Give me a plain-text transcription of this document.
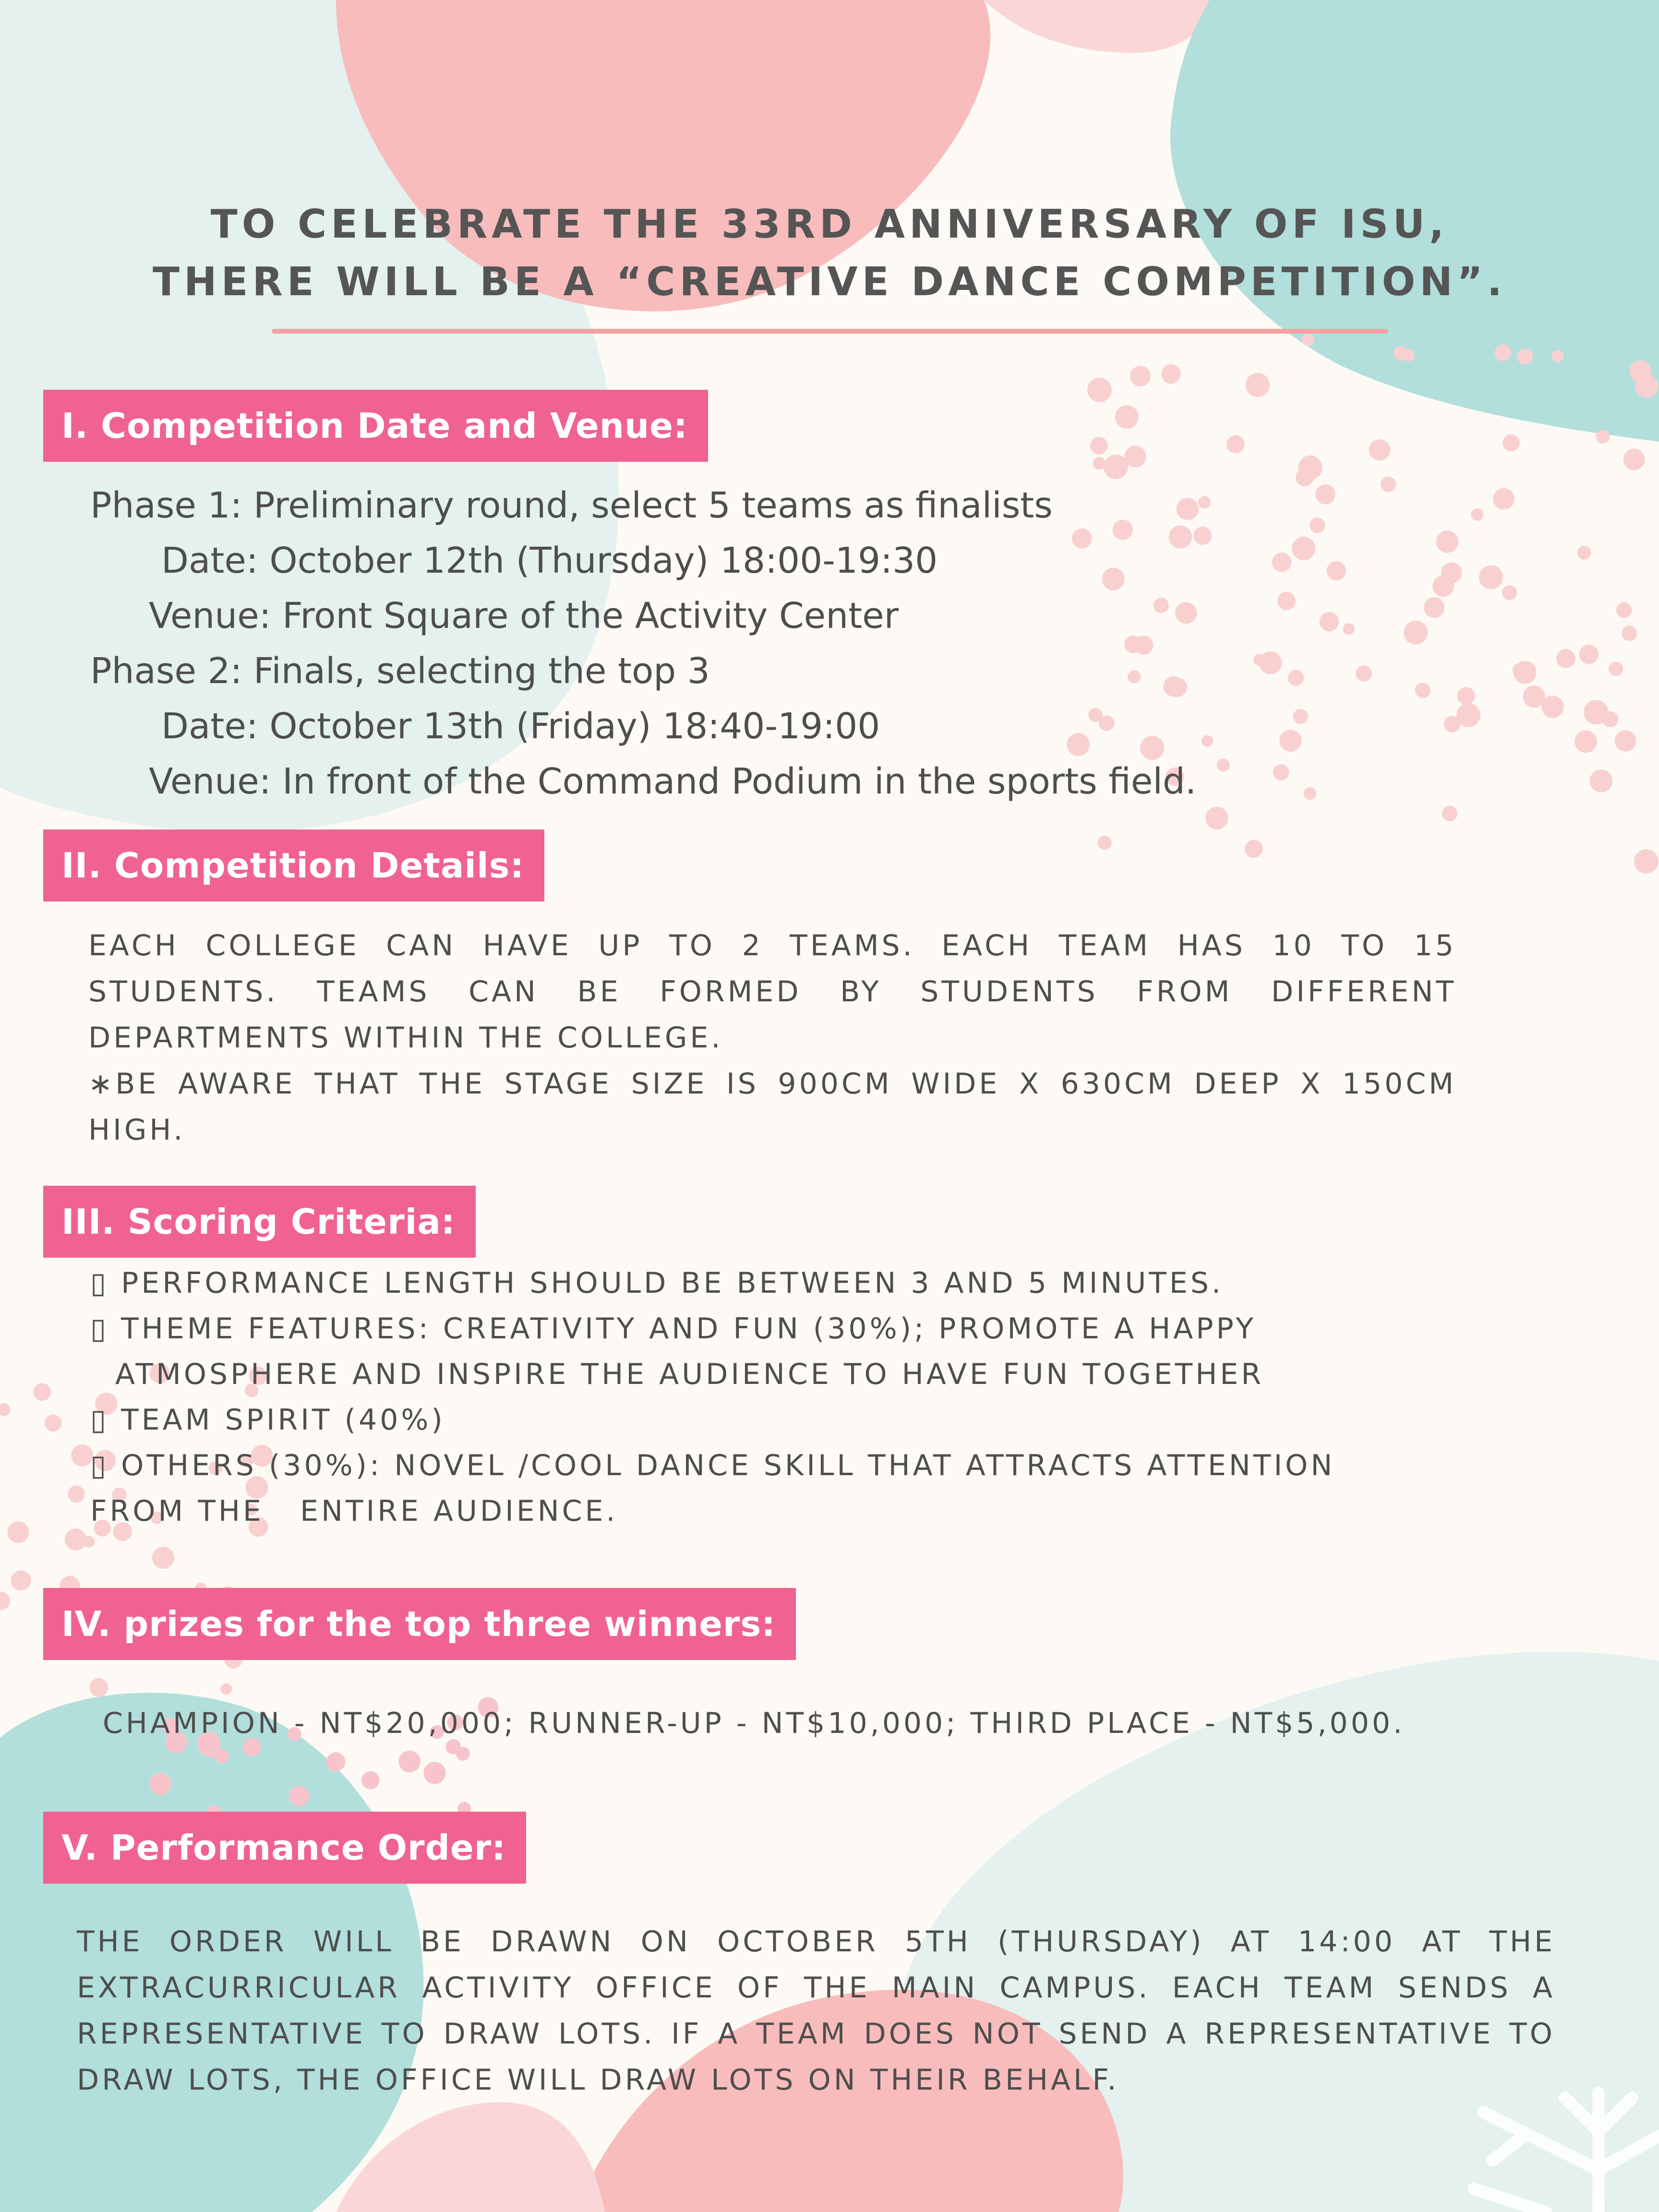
TO CELEBRATE THE 33RD ANNIVERSARY OF ISU,
THERE WILL BE A “CREATIVE DANCE COMPETITION”.
I. Competition Date and Venue:

Phase 1: Preliminary round, select 5 teams as finalists

Date: October 12th (Thursday) 18:00-19:30

Venue: Front Square of the Activity Center

Phase 2: Finals, selecting the top 3

Date: October 13th (Friday) 18:40-19:00

Venue: In front of the Command Podium in the sports field.

II. Competition Details:

EACH COLLEGE CAN HAVE UP TO 2 TEAMS. EACH TEAM HAS 10 TO 15 STUDENTS. TEAMS CAN BE FORMED BY STUDENTS FROM DIFFERENT DEPARTMENTS WITHIN THE COLLEGE.

∗BE AWARE THAT THE STAGE SIZE IS 900CM WIDE X 630CM DEEP X 150CM HIGH.

III. Scoring Criteria:

▯ PERFORMANCE LENGTH SHOULD BE BETWEEN 3 AND 5 MINUTES.

▯ THEME FEATURES: CREATIVITY AND FUN (30%); PROMOTE A HAPPY

ATMOSPHERE AND INSPIRE THE AUDIENCE TO HAVE FUN TOGETHER

▯ TEAM SPIRIT (40%)

▯ OTHERS (30%): NOVEL /COOL DANCE SKILL THAT ATTRACTS ATTENTION

FROM THE   ENTIRE AUDIENCE.

IV. prizes for the top three winners:

CHAMPION - NT$20,000; RUNNER-UP - NT$10,000; THIRD PLACE - NT$5,000.

V. Performance Order:

THE ORDER WILL BE DRAWN ON OCTOBER 5TH (THURSDAY) AT 14:00 AT THE EXTRACURRICULAR ACTIVITY OFFICE OF THE MAIN CAMPUS. EACH TEAM SENDS A REPRESENTATIVE TO DRAW LOTS. IF A TEAM DOES NOT SEND A REPRESENTATIVE TO DRAW LOTS, THE OFFICE WILL DRAW LOTS ON THEIR BEHALF.
